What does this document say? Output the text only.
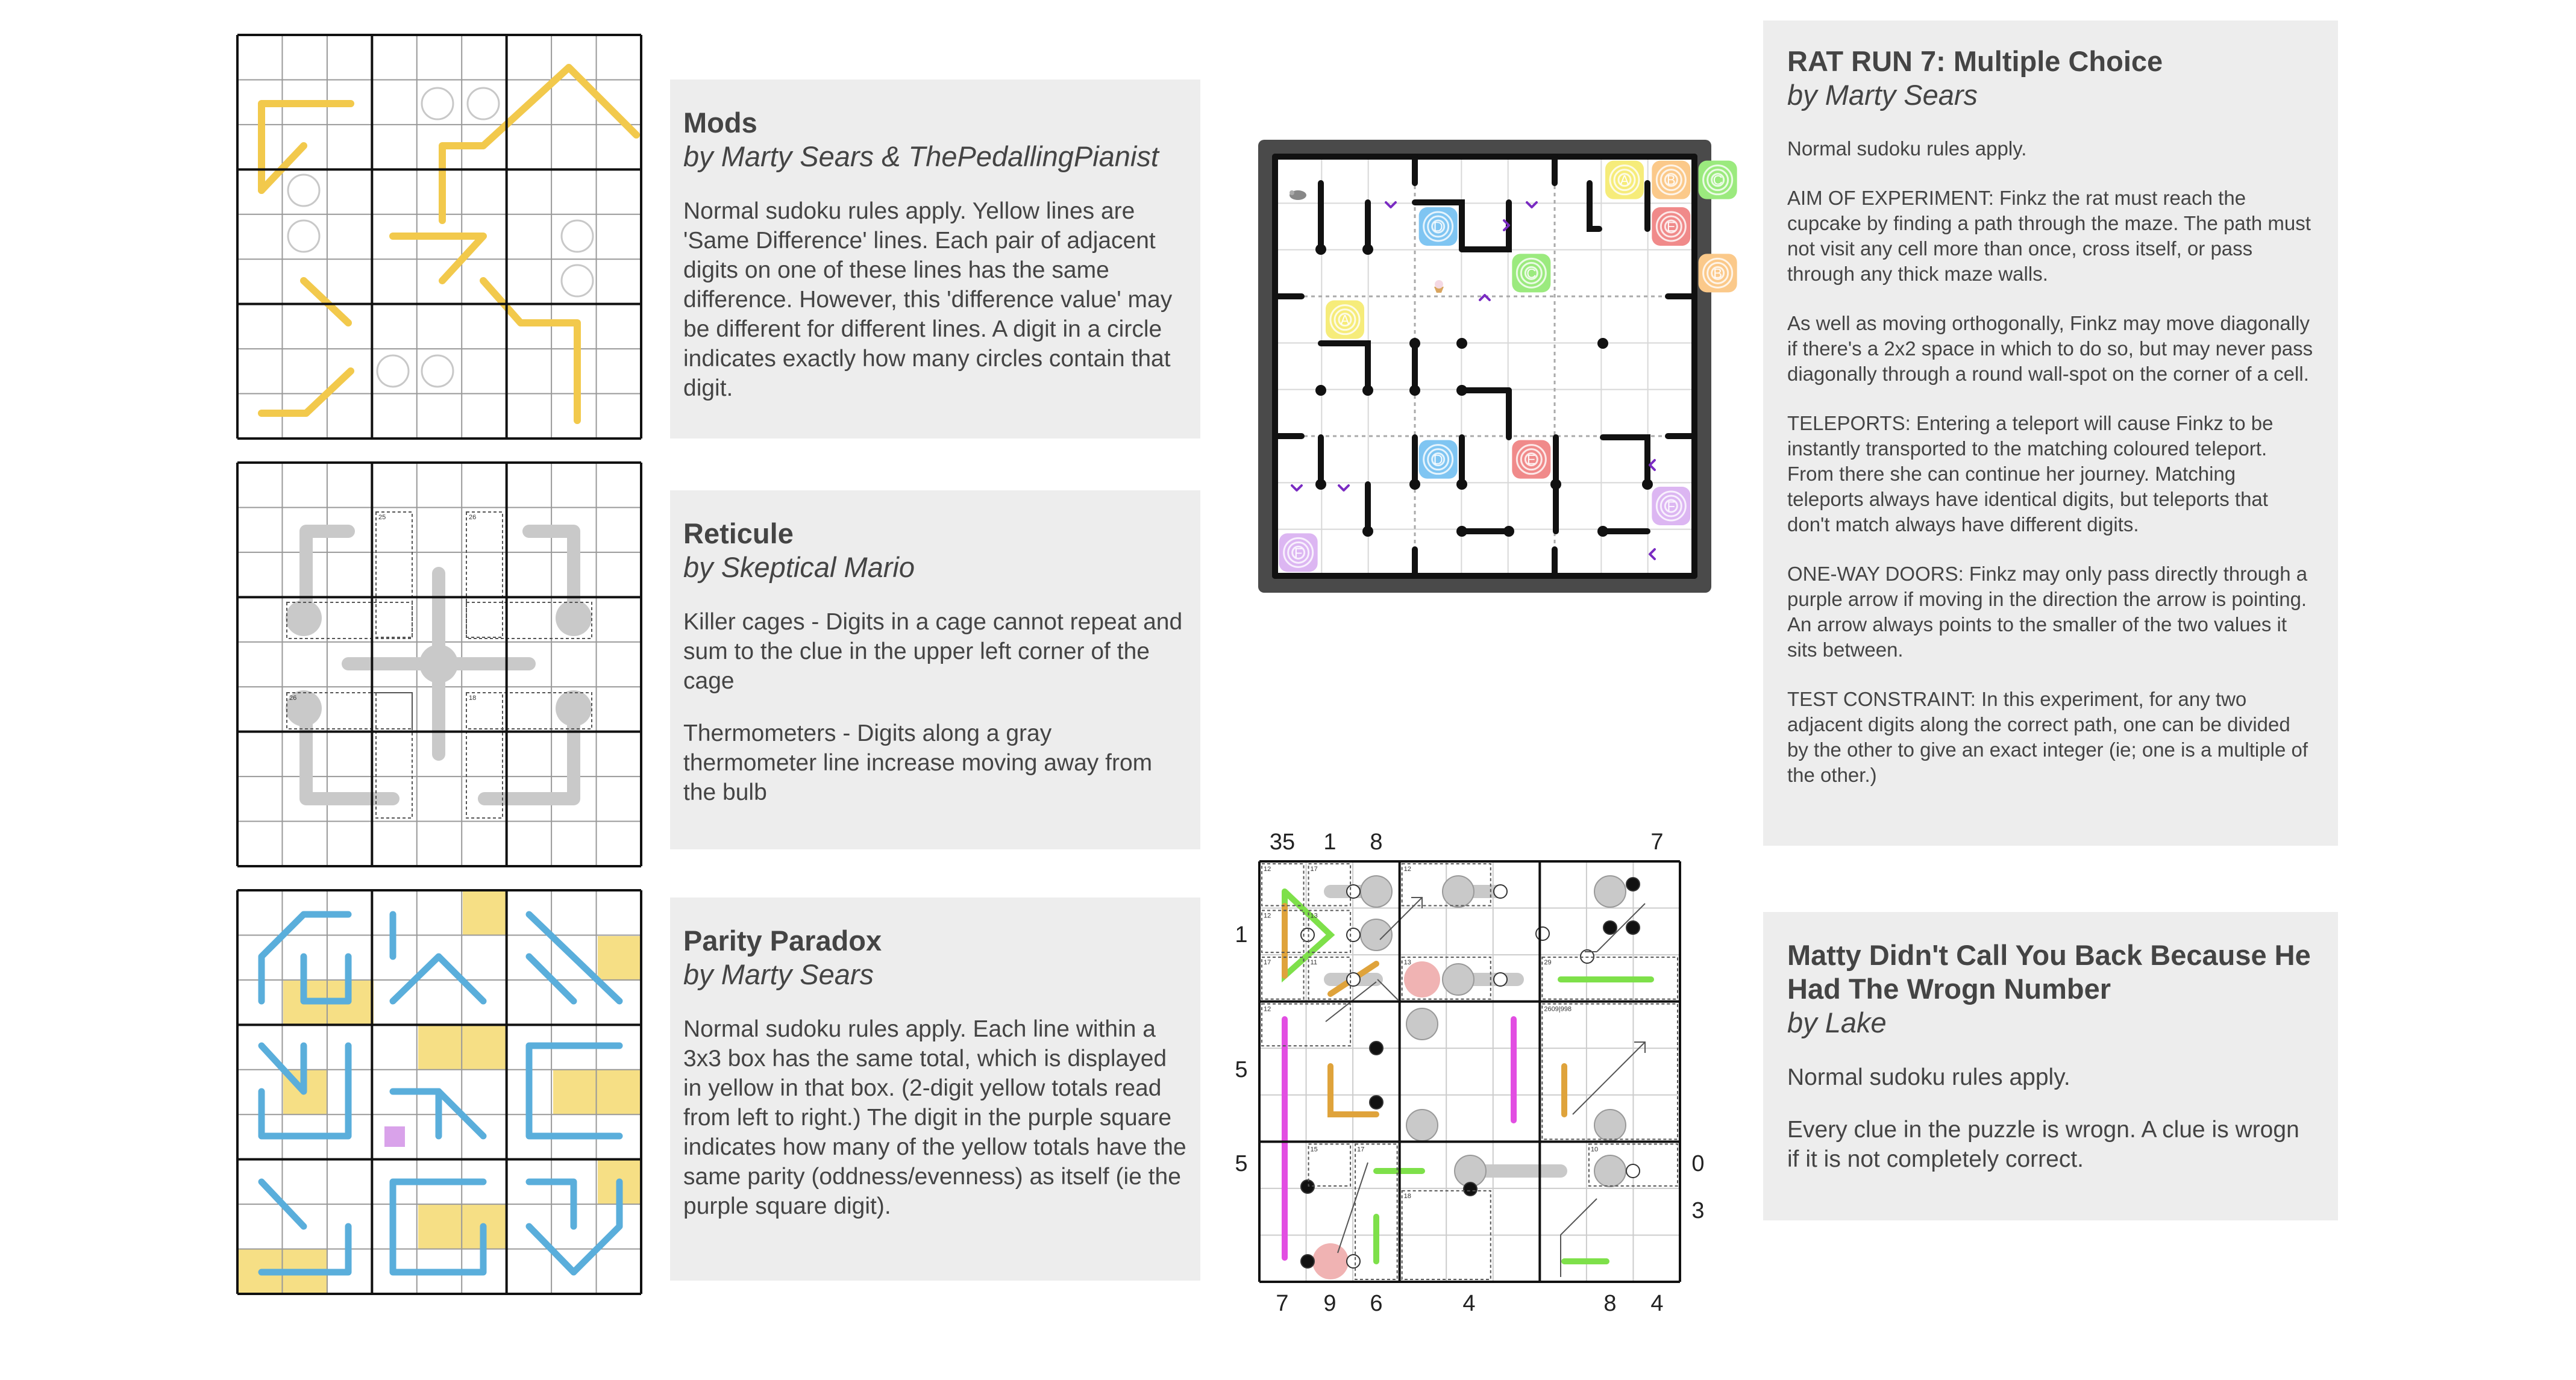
Mods
by Marty Sears & ThePedallingPianist
Normal sudoku rules apply. Yellow lines are 'Same Difference' lines. Each pair of adjacent digits on one of these lines has the same difference. However, this 'difference value' may be different for different lines. A digit in a circle indicates exactly how many circles contain that digit.
25	26
26	18
Reticule
by Skeptical Mario
Killer cages - Digits in a cage cannot repeat and sum to the clue in the upper left corner of the cage
Thermometers - Digits along a gray thermometer line increase moving away from the bulb
Parity Paradox
by Marty Sears
Normal sudoku rules apply. Each line within a 3x3 box has the same total, which is displayed in yellow in that box. (2-digit yellow totals read from left to right.) The digit in the purple square indicates how many of the yellow totals have the same parity (oddness/evenness) as itself (ie the purple square digit).
D
A	B	C
E
C	B
A
D	E
F
F
12	17
12	13
17	11
12
13	29
2609|998
15	17
12
18
10
35 1 8	7
1
5
5	0
3
7 9 6	4	8 4
RAT RUN 7: Multiple Choice
by Marty Sears
Normal sudoku rules apply.
AIM OF EXPERIMENT: Finkz the rat must reach the cupcake by finding a path through the maze. The path must not visit any cell more than once, cross itself, or pass through any thick maze walls.
As well as moving orthogonally, Finkz may move diagonally if there's a 2x2 space in which to do so, but may never pass diagonally through a round wall-spot on the corner of a cell.
TELEPORTS: Entering a teleport will cause Finkz to be instantly transported to the matching coloured teleport. From there she can continue her journey. Matching teleports always have identical digits, but teleports that don't match always have different digits.
ONE-WAY DOORS: Finkz may only pass directly through a purple arrow if moving in the direction the arrow is pointing. An arrow always points to the smaller of the two values it sits between.
TEST CONSTRAINT: In this experiment, for any two adjacent digits along the correct path, one can be divided by the other to give an exact integer (ie; one is a multiple of the other.)
Matty Didn't Call You Back Because He Had The Wrogn Number
by Lake
Normal sudoku rules apply.
Every clue in the puzzle is wrogn. A clue is wrogn if it is not completely correct.
